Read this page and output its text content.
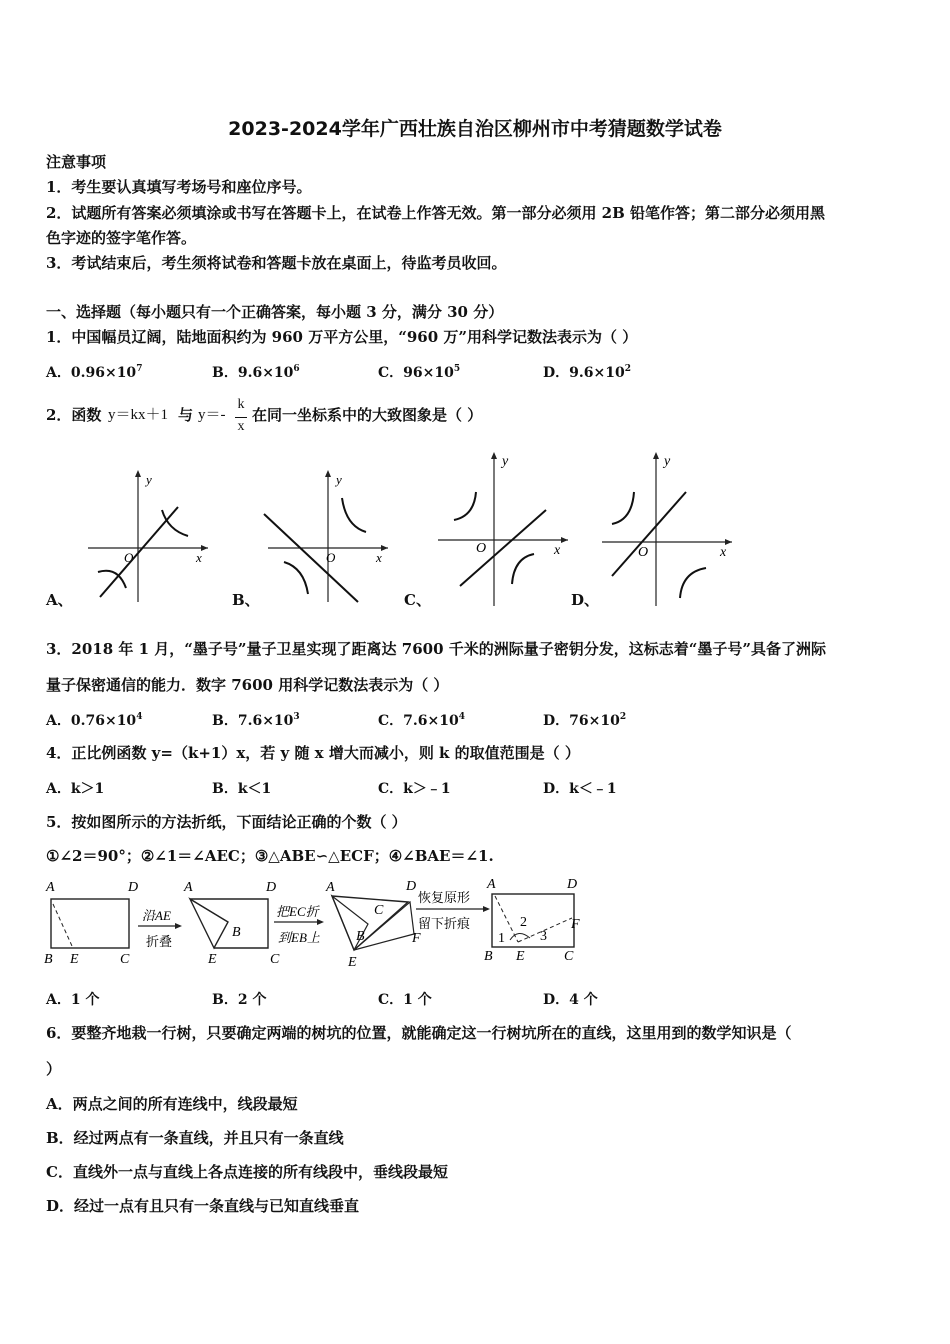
2023-2024学年广西壮族自治区柳州市中考猜题数学试卷
注意事项
1．考生要认真填写考场号和座位序号。
2．试题所有答案必须填涂或书写在答题卡上，在试卷上作答无效。第一部分必须用 2B 铅笔作答；第二部分必须用黑
色字迹的签字笔作答。
3．考试结束后，考生须将试卷和答题卡放在桌面上，待监考员收回。
一、选择题（每小题只有一个正确答案，每小题 3 分，满分 30 分）
1．中国幅员辽阔，陆地面积约为 960 万平方公里，“960 万”用科学记数法表示为（ ）
A．$0.96\times 10^7$	B．$9.6\times 10^6$	C．$96\times 10^5$	D．$9.6\times 10^2$
2．函数 y＝kx＋1 与 y＝-
k
x
在同一坐标系中的大致图象是（ ）
y
x
O
A、
y
x
O
B、
y
x
O
C、
y
x
O
D、
3．2018 年 1 月，“墨子号”量子卫星实现了距离达 7600 千米的洲际量子密钥分发，这标志着“墨子号”具备了洲际
量子保密通信的能力．数字 7600 用科学记数法表示为（ ）
A．$0.76\times 10^4$	B．$7.6\times 10^3$	C．$7.6\times 10^4$	D．$76\times 10^2$
4．正比例函数 y=（k+1）x，若 y 随 x 增大而减小，则 k 的取值范围是（ ）
A．k＞1	B．k＜1	C．k＞﹣1	D．k＜﹣1
5．按如图所示的方法折纸，下面结论正确的个数（ ）
①∠2＝90°；②∠1＝∠AEC；③△ABE∽△ECF；④∠BAE＝∠1.
A	D
B E	C
沿AE
折叠
A	D
B
E	C
把EC折
到EB上
A	D
B
C
F
E
恢复原形
留下折痕
A	D
B E	C
F
1
2
3
A．1 个	B．2 个	C．1 个	D．4 个
6．要整齐地栽一行树，只要确定两端的树坑的位置，就能确定这一行树坑所在的直线，这里用到的数学知识是（
）
A．两点之间的所有连线中，线段最短
B．经过两点有一条直线，并且只有一条直线
C．直线外一点与直线上各点连接的所有线段中，垂线段最短
D．经过一点有且只有一条直线与已知直线垂直
